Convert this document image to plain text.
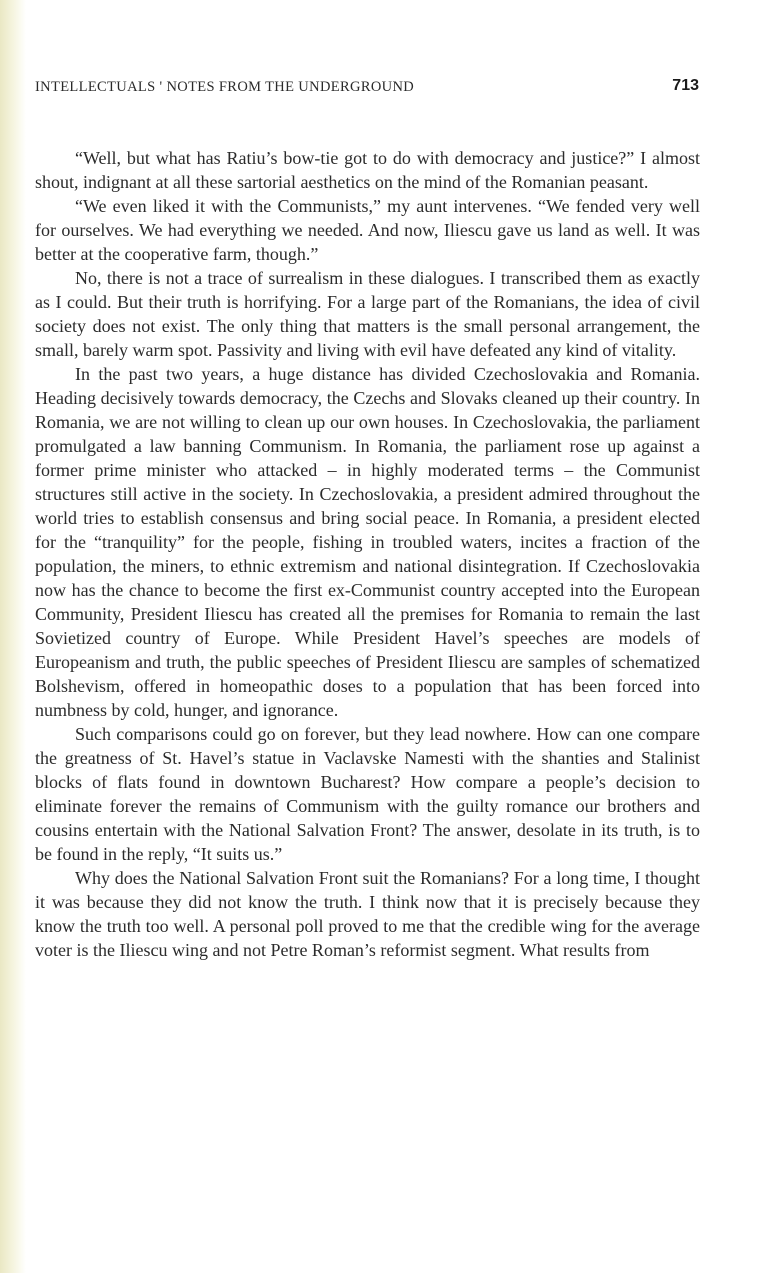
INTELLECTUALS ' NOTES FROM THE UNDERGROUND	713

“Well, but what has Ratiu’s bow-tie got to do with democracy and justice?” I almost shout, indignant at all these sartorial aesthetics on the mind of the Romanian peasant.

“We even liked it with the Communists,” my aunt intervenes. “We fended very well for ourselves. We had everything we needed. And now, Iliescu gave us land as well. It was better at the cooperative farm, though.”

No, there is not a trace of surrealism in these dialogues. I transcribed them as exactly as I could. But their truth is horrifying. For a large part of the Romanians, the idea of civil society does not exist. The only thing that matters is the small personal arrangement, the small, barely warm spot. Passivity and living with evil have defeated any kind of vitality.

In the past two years, a huge distance has divided Czechoslovakia and Romania. Heading decisively towards democracy, the Czechs and Slovaks cleaned up their country. In Romania, we are not willing to clean up our own houses. In Czechoslovakia, the parliament promulgated a law banning Communism. In Romania, the parliament rose up against a former prime minister who attacked – in highly moderated terms – the Communist structures still active in the society. In Czechoslovakia, a president admired throughout the world tries to establish consensus and bring social peace. In Romania, a president elected for the “tranquility” for the people, fishing in troubled waters, incites a fraction of the population, the miners, to ethnic extremism and national disintegration. If Czechoslovakia now has the chance to become the first ex-Communist country accepted into the European Community, President Iliescu has created all the premises for Romania to remain the last Sovietized country of Europe. While President Havel’s speeches are models of Europeanism and truth, the public speeches of President Iliescu are samples of schematized Bolshevism, offered in homeopathic doses to a population that has been forced into numbness by cold, hunger, and ignorance.

Such comparisons could go on forever, but they lead nowhere. How can one compare the greatness of St. Havel’s statue in Vaclavske Namesti with the shanties and Stalinist blocks of flats found in downtown Bucharest? How compare a people’s decision to eliminate forever the remains of Communism with the guilty romance our brothers and cousins entertain with the National Salvation Front? The answer, desolate in its truth, is to be found in the reply, “It suits us.”

Why does the National Salvation Front suit the Romanians? For a long time, I thought it was because they did not know the truth. I think now that it is precisely because they know the truth too well. A personal poll proved to me that the credible wing for the average voter is the Iliescu wing and not Petre Roman’s reformist segment. What results from
